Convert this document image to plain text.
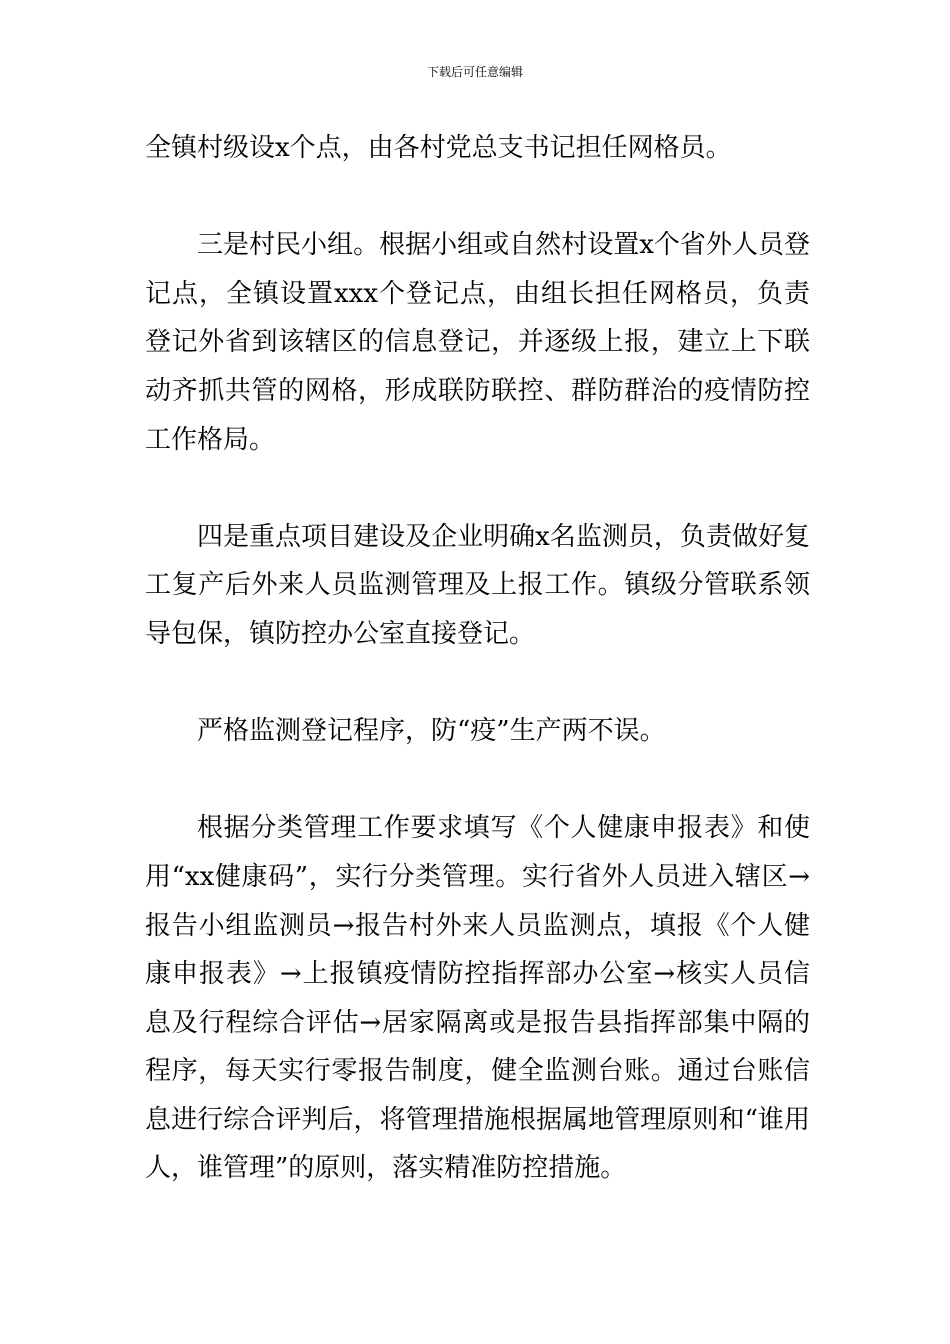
下载后可任意编辑

全镇村级设x个点，由各村党总支书记担任网格员。

三是村民小组。根据小组或自然村设置x个省外人员登记点，全镇设置xxx个登记点，由组长担任网格员，负责登记外省到该辖区的信息登记，并逐级上报，建立上下联动齐抓共管的网格，形成联防联控、群防群治的疫情防控工作格局。

四是重点项目建设及企业明确x名监测员，负责做好复工复产后外来人员监测管理及上报工作。镇级分管联系领导包保，镇防控办公室直接登记。

严格监测登记程序，防“疫”生产两不误。

根据分类管理工作要求填写《个人健康申报表》和使用“xx健康码”，实行分类管理。实行省外人员进入辖区→报告小组监测员→报告村外来人员监测点，填报《个人健康申报表》→上报镇疫情防控指挥部办公室→核实人员信息及行程综合评估→居家隔离或是报告县指挥部集中隔的程序，每天实行零报告制度，健全监测台账。通过台账信息进行综合评判后，将管理措施根据属地管理原则和“谁用人，谁管理”的原则，落实精准防控措施。
